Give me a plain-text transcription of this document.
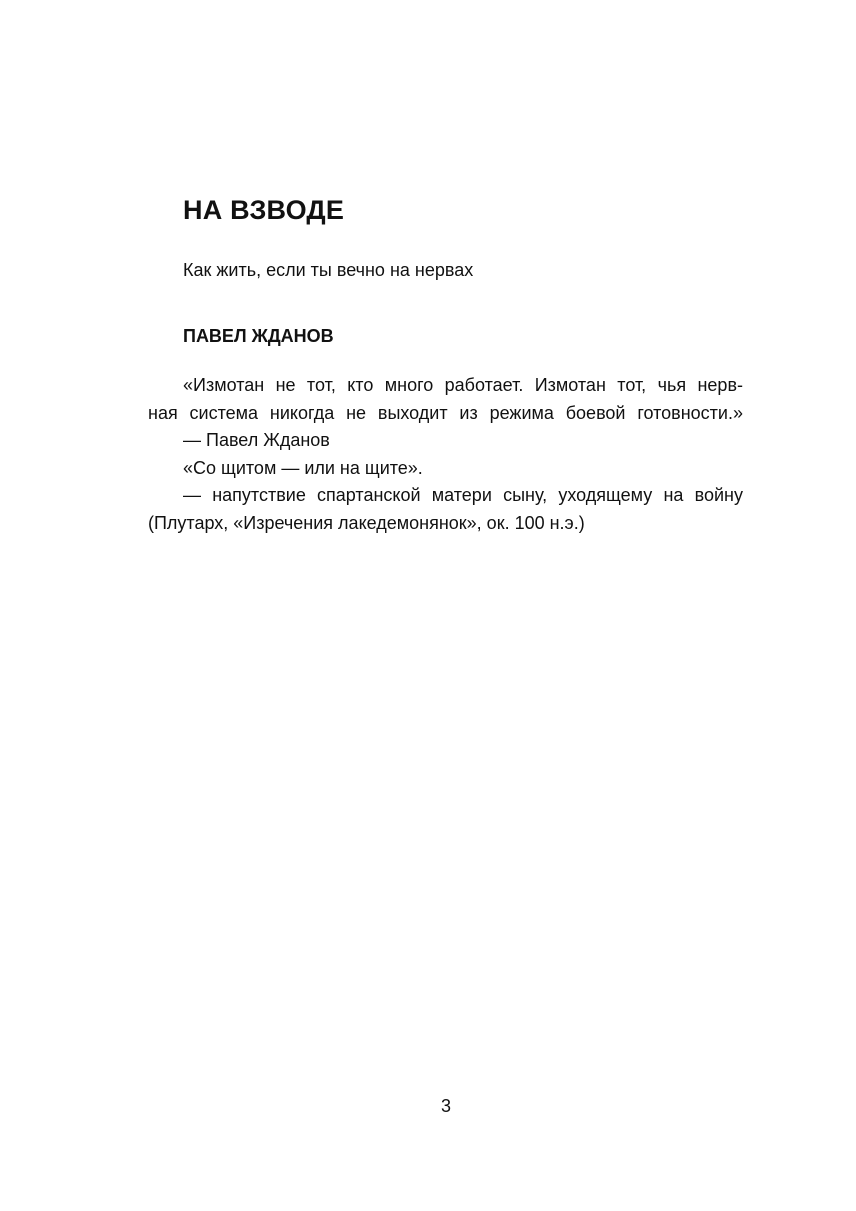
НА ВЗВОДЕ

Как жить, если ты вечно на нервах

ПАВЕЛ ЖДАНОВ

«Измотан не тот, кто много работает. Измотан тот, чья нерв-
ная система никогда не выходит из режима боевой готовности.»
— Павел Жданов
«Со щитом — или на щите».
— напутствие спартанской матери сыну, уходящему на войну
(Плутарх, «Изречения лакедемонянок», ок. 100 н.э.)
3
